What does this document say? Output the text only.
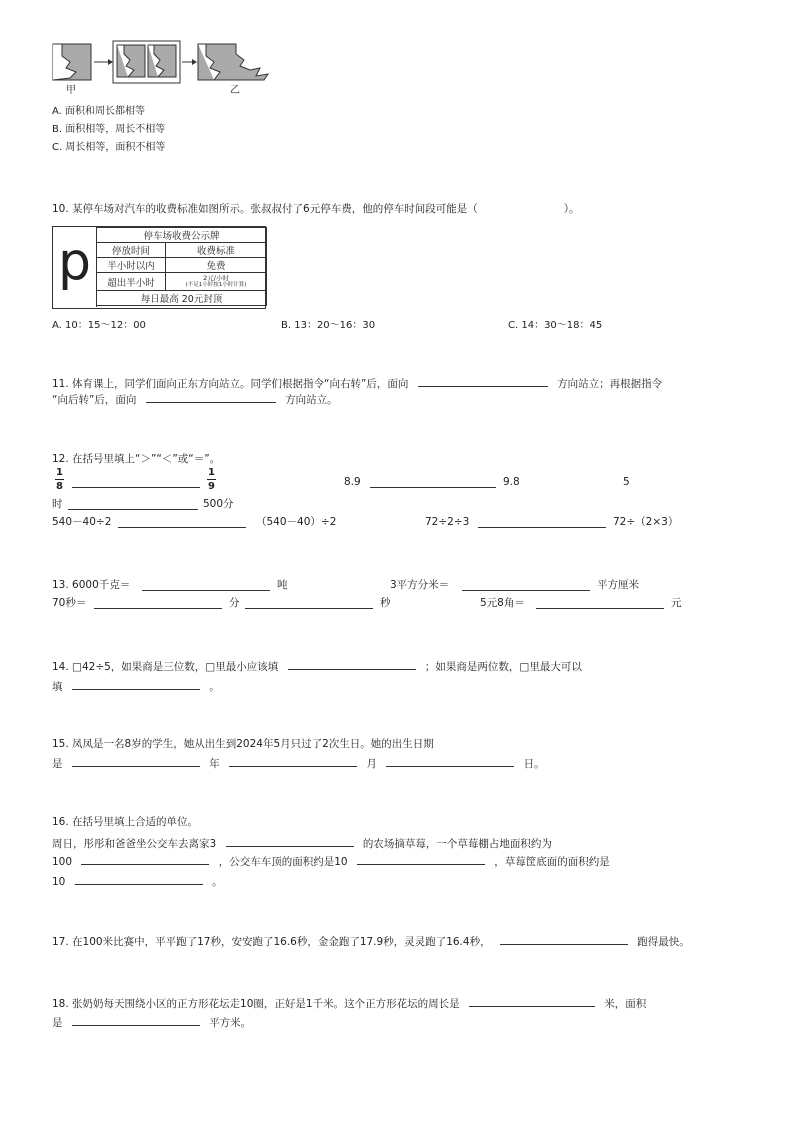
甲	乙
A. 面积和周长都相等
B. 面积相等，周长不相等
C. 周长相等，面积不相等
10. 某停车场对汽车的收费标准如图所示。张叔叔付了6元停车费，他的停车时间段可能是（	）。
p	停车场收费公示牌	
停放时间	收费标准
半小时以内	免费
超出半小时	2元/小时
(不足1小时按1小时计算)

每日最高 20元封顶	
A. 10：15～12：00	B. 13：20～16：30	C. 14：30～18：45
11. 体育课上，同学们面向正东方向站立。同学们根据指令“向右转”后，面向	方向站立；再根据指令
“向后转”后，面向	方向站立。
12. 在括号里填上“＞”“＜”或“＝”。
1
8
1
9	8.9	9.8	5
时	500分
540－40÷2	（540－40）÷2	72÷2÷3	72÷（2×3）
13. 6000千克＝	吨	3平方分米＝	平方厘米
70秒＝	分	秒	5元8角＝	元
14. □42÷5，如果商是三位数，□里最小应该填	；如果商是两位数，□里最大可以
填	。
15. 凤凤是一名8岁的学生，她从出生到2024年5月只过了2次生日。她的出生日期
是	年	月	日。
16. 在括号里填上合适的单位。
周日，彤彤和爸爸坐公交车去离家3	的农场摘草莓，一个草莓棚占地面积约为
100	，公交车车顶的面积约是10	，草莓筐底面的面积约是
10	。
17. 在100米比赛中，平平跑了17秒，安安跑了16.6秒，金金跑了17.9秒，灵灵跑了16.4秒，	跑得最快。
18. 张奶奶每天围绕小区的正方形花坛走10圈，正好是1千米。这个正方形花坛的周长是	米，面积
是	平方米。
